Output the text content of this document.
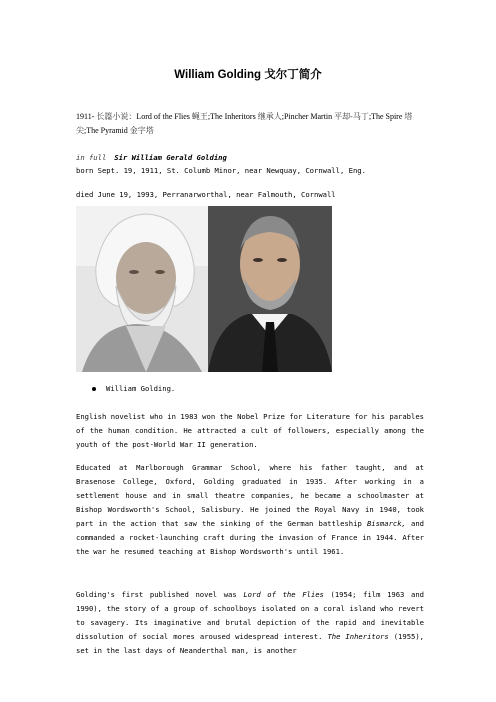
William Golding 戈尔丁简介
1911- 长篇小说：Lord of the Flies 蝇王;The Inheritors 继承人;Pincher Martin 平却-马丁;The Spire 塔尖;The Pyramid 金字塔
in full Sir William Gerald Golding
born Sept. 19, 1911, St. Columb Minor, near Newquay, Cornwall, Eng.
died June 19, 1993, Perranarworthal, near Falmouth, Cornwall
William Golding.
English novelist who in 1983 won the Nobel Prize for Literature for his parables of the human condition. He attracted a cult of followers, especially among the youth of the post-World War II generation.
Educated at Marlborough Grammar School, where his father taught, and at Brasenose College, Oxford, Golding graduated in 1935. After working in a settlement house and in small theatre companies, he became a schoolmaster at Bishop Wordsworth's School, Salisbury. He joined the Royal Navy in 1940, took part in the action that saw the sinking of the German battleship Bismarck, and commanded a rocket-launching craft during the invasion of France in 1944. After the war he resumed teaching at Bishop Wordsworth's until 1961.
Golding's first published novel was Lord of the Flies (1954; film 1963 and 1990), the story of a group of schoolboys isolated on a coral island who revert to savagery. Its imaginative and brutal depiction of the rapid and inevitable dissolution of social mores aroused widespread interest. The Inheritors (1955), set in the last days of Neanderthal man, is another
